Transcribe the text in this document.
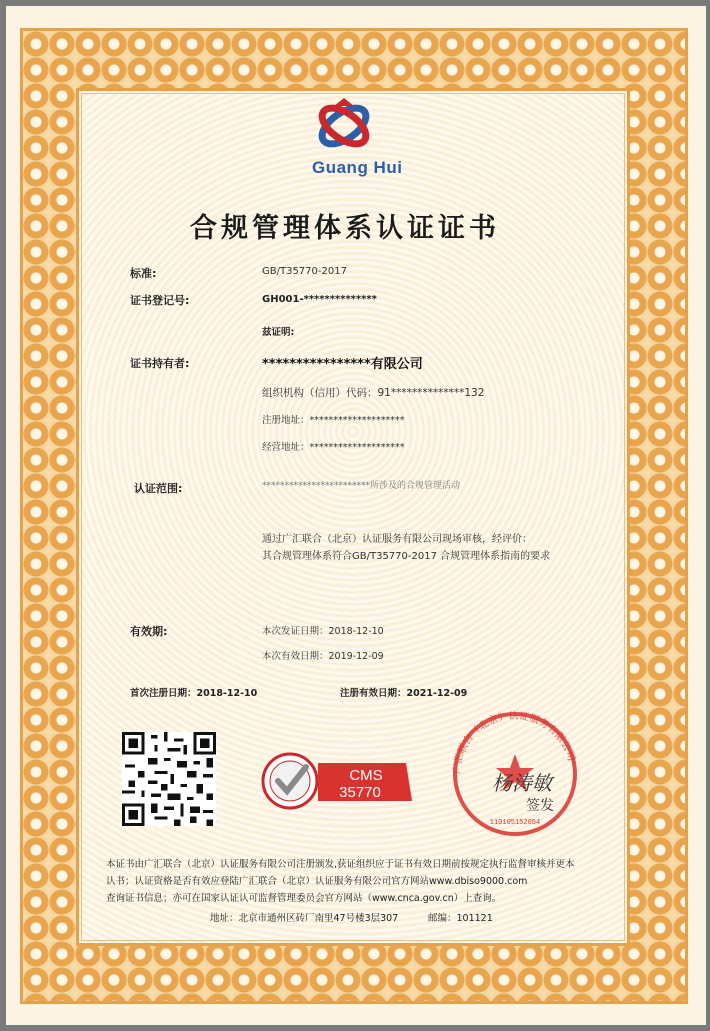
Guang Hui
合规管理体系认证证书
标准:	GB/T35770-2017
证书登记号:	GH001-**************
兹证明:
证书持有者:	****************有限公司
组织机构（信用）代码：91**************132
注册地址：********************
经营地址：********************
认证范围:	************************所涉及的合规管理活动
通过广汇联合（北京）认证服务有限公司现场审核，经评价：
其合规管理体系符合GB/T35770-2017 合规管理体系指南的要求
有效期:	本次发证日期：2018-12-10
本次有效日期：2019-12-09
首次注册日期：2018-12-10	注册有效日期：2021-12-09
CMS
35770
广汇联合（北京）认证服务有限公司
110105152054
杨涛敏
签发
本证书由广汇联合（北京）认证服务有限公司注册颁发,获证组织应于证书有效日期前按规定执行监督审核并更本
认书；认证资格是否有效应登陆广汇联合（北京）认证服务有限公司官方网站www.dbiso9000.com
查询证书信息；亦可在国家认证认可监督管理委员会官方网站（www.cnca.gov.cn）上查询。
地址：北京市通州区砖厂南里47号楼3层307	邮编：101121
